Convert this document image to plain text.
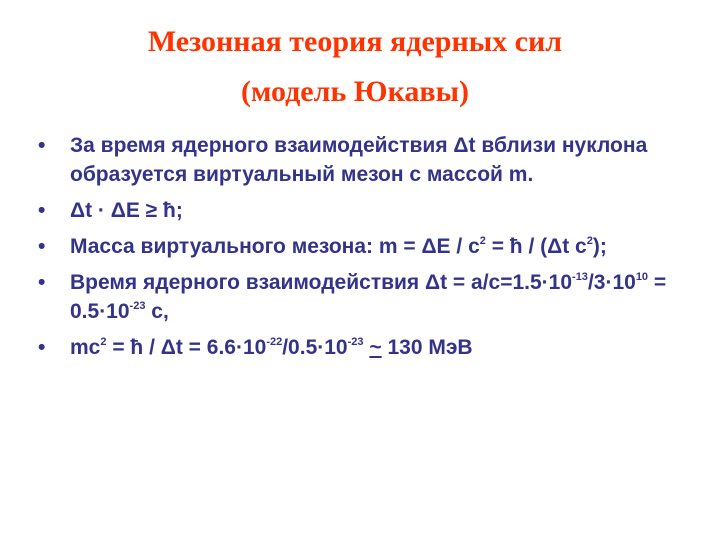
Мезонная теория ядерных сил
(модель Юкавы)
• За время ядерного взаимодействия Δt вблизи нуклона
образуется виртуальный мезон с массой m.
• Δt · ΔE ≥ ħ;
• Масса виртуального мезона: $m = \Delta E / c^2$ = ħ / (Δt $c^2$);
• Время ядерного взаимодействия $\Delta t = a/c=1.5\cdot 10^{-13}/3\cdot 10^{10}$ =
$0.5\cdot 10^{-23}$ с,
• $mc^2$ = ħ / $\Delta t = 6.6\cdot 10^{-22}/0.5\cdot 10^{-23}$ ~ 130 МэВ
